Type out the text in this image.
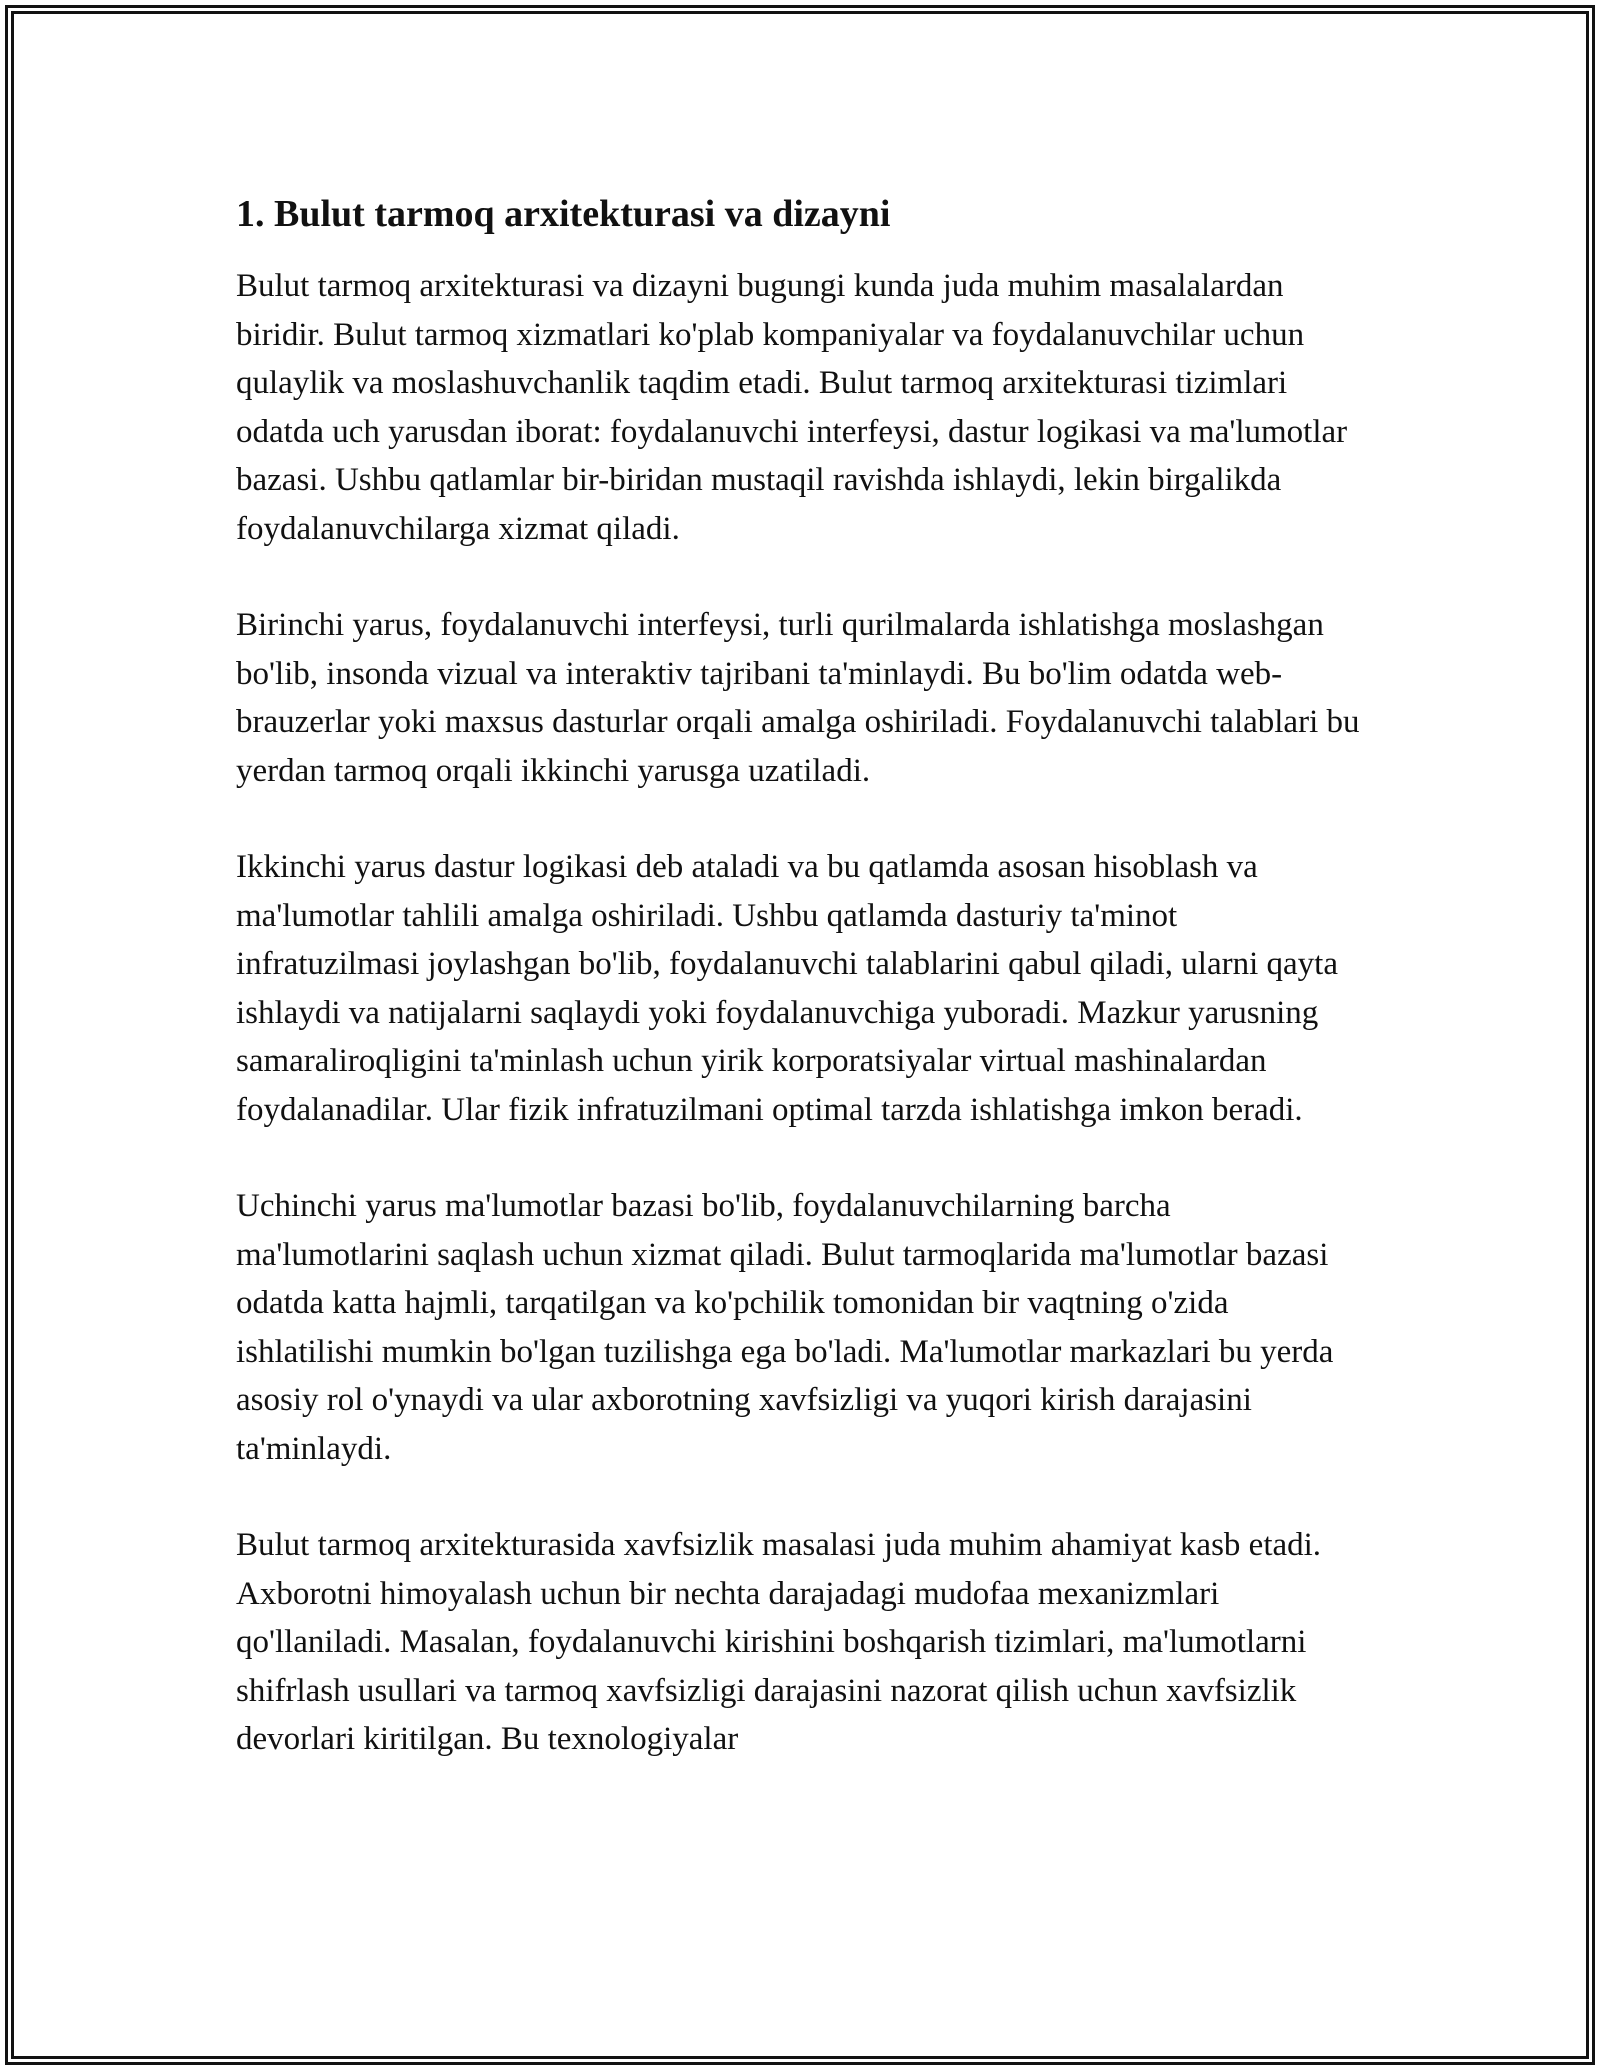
1. Bulut tarmoq arxitekturasi va dizayni

Bulut tarmoq arxitekturasi va dizayni bugungi kunda juda muhim masalalardan biridir. Bulut tarmoq xizmatlari ko'plab kompaniyalar va foydalanuvchilar uchun qulaylik va moslashuvchanlik taqdim etadi. Bulut tarmoq arxitekturasi tizimlari odatda uch yarusdan iborat: foydalanuvchi interfeysi, dastur logikasi va ma'lumotlar bazasi. Ushbu qatlamlar bir-biridan mustaqil ravishda ishlaydi, lekin birgalikda foydalanuvchilarga xizmat qiladi.

Birinchi yarus, foydalanuvchi interfeysi, turli qurilmalarda ishlatishga moslashgan bo'lib, insonda vizual va interaktiv tajribani ta'minlaydi. Bu bo'lim odatda web-brauzerlar yoki maxsus dasturlar orqali amalga oshiriladi. Foydalanuvchi talablari bu yerdan tarmoq orqali ikkinchi yarusga uzatiladi.

Ikkinchi yarus dastur logikasi deb ataladi va bu qatlamda asosan hisoblash va ma'lumotlar tahlili amalga oshiriladi. Ushbu qatlamda dasturiy ta'minot infratuzilmasi joylashgan bo'lib, foydalanuvchi talablarini qabul qiladi, ularni qayta ishlaydi va natijalarni saqlaydi yoki foydalanuvchiga yuboradi. Mazkur yarusning samaraliroqligini ta'minlash uchun yirik korporatsiyalar virtual mashinalardan foydalanadilar. Ular fizik infratuzilmani optimal tarzda ishlatishga imkon beradi.

Uchinchi yarus ma'lumotlar bazasi bo'lib, foydalanuvchilarning barcha ma'lumotlarini saqlash uchun xizmat qiladi. Bulut tarmoqlarida ma'lumotlar bazasi odatda katta hajmli, tarqatilgan va ko'pchilik tomonidan bir vaqtning o'zida ishlatilishi mumkin bo'lgan tuzilishga ega bo'ladi. Ma'lumotlar markazlari bu yerda asosiy rol o'ynaydi va ular axborotning xavfsizligi va yuqori kirish darajasini ta'minlaydi.

Bulut tarmoq arxitekturasida xavfsizlik masalasi juda muhim ahamiyat kasb etadi. Axborotni himoyalash uchun bir nechta darajadagi mudofaa mexanizmlari qo'llaniladi. Masalan, foydalanuvchi kirishini boshqarish tizimlari, ma'lumotlarni shifrlash usullari va tarmoq xavfsizligi darajasini nazorat qilish uchun xavfsizlik devorlari kiritilgan. Bu texnologiyalar
